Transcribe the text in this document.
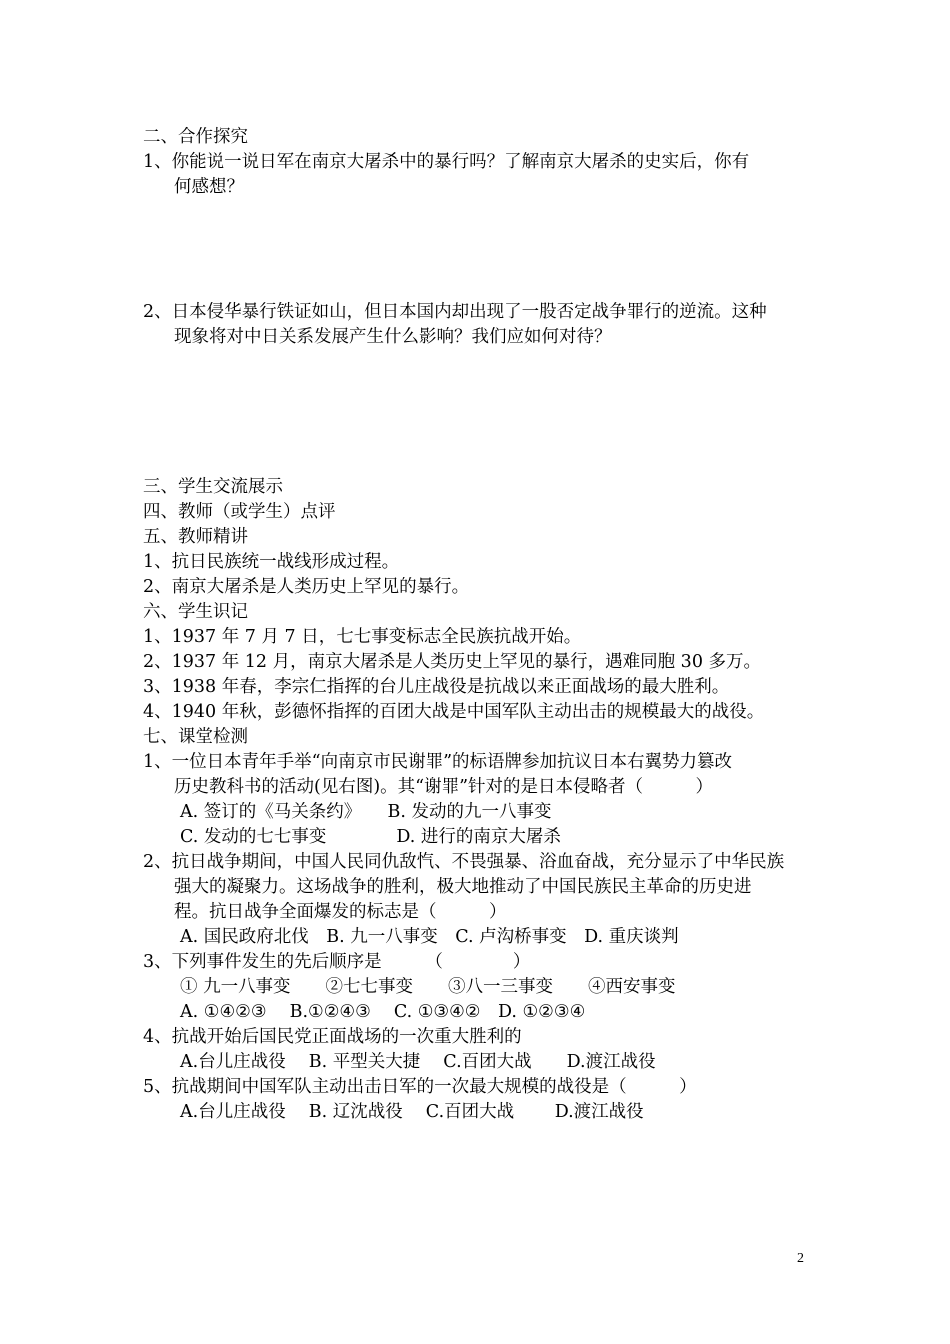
二、合作探究
1、你能说一说日军在南京大屠杀中的暴行吗？了解南京大屠杀的史实后，你有
何感想？
2、日本侵华暴行铁证如山，但日本国内却出现了一股否定战争罪行的逆流。这种
现象将对中日关系发展产生什么影响？我们应如何对待？
三、学生交流展示
四、教师（或学生）点评
五、教师精讲
1、抗日民族统一战线形成过程。
2、南京大屠杀是人类历史上罕见的暴行。
六、学生识记
1、1937 年 7 月 7 日，七七事变标志全民族抗战开始。
2、1937 年 12 月，南京大屠杀是人类历史上罕见的暴行，遇难同胞 30 多万。
3、1938 年春，李宗仁指挥的台儿庄战役是抗战以来正面战场的最大胜利。
4、1940 年秋，彭德怀指挥的百团大战是中国军队主动出击的规模最大的战役。
七、课堂检测
1、一位日本青年手举“向南京市民谢罪”的标语牌参加抗议日本右翼势力篡改
历史教科书的活动(见右图)。其“谢罪”针对的是日本侵略者（　　　）
A. 签订的《马关条约》　　B. 发动的九一八事变
C. 发动的七七事变　　　　D. 进行的南京大屠杀
2、抗日战争期间，中国人民同仇敌忾、不畏强暴、浴血奋战，充分显示了中华民族
强大的凝聚力。这场战争的胜利，极大地推动了中国民族民主革命的历史进
程。抗日战争全面爆发的标志是（　　　）
A. 国民政府北伐　B. 九一八事变　C. 卢沟桥事变　D. 重庆谈判
3、下列事件发生的先后顺序是　　　（　　　　）
① 九一八事变　　②七七事变　　③八一三事变　　④西安事变
A. ①④②③　 B.①②④③　 C. ①③④②　D. ①②③④
4、抗战开始后国民党正面战场的一次重大胜利的
A.台儿庄战役　 B. 平型关大捷　 C.百团大战　　D.渡江战役
5、抗战期间中国军队主动出击日军的一次最大规模的战役是（　　　）
A.台儿庄战役　 B. 辽沈战役　 C.百团大战　　 D.渡江战役
2
